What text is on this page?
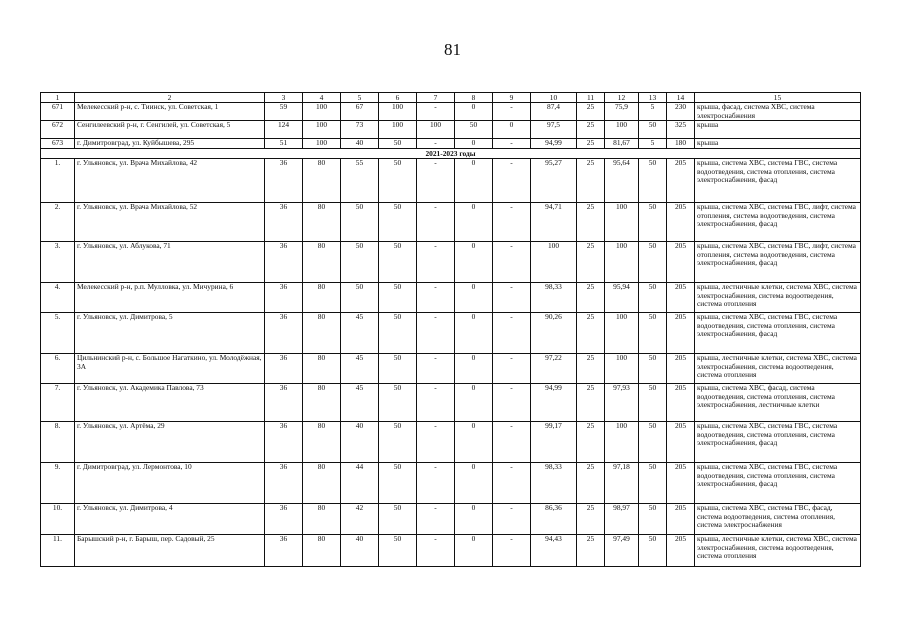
81
1	2	3	4	5	6	7	8	9	10	11	12	13	14	15
671	Мелекесский р-н, с. Тиинск, ул. Советская, 1	59	100	67	100	-	0	-	87,4	25	75,9	5	230	крыша, фасад, система ХВС, система электроснабжения
672	Сенгилеевский р-н, г. Сенгилей, ул. Советская, 5	124	100	73	100	100	50	0	97,5	25	100	50	325	крыша
673	г. Димитровград, ул. Куйбышева, 295	51	100	40	50	-	0	-	94,99	25	81,67	5	180	крыша
2021-2023 годы														
1.	г. Ульяновск, ул. Врача Михайлова, 42	36	80	55	50	-	0	-	95,27	25	95,64	50	205	крыша, система ХВС, система ГВС, система водоотведения, система отопления, система электроснабжения, фасад
2.	г. Ульяновск, ул. Врача Михайлова, 52	36	80	50	50	-	0	-	94,71	25	100	50	205	крыша, система ХВС, система ГВС, лифт, система отопления, система водоотведения, система электроснабжения, фасад
3.	г. Ульяновск, ул. Аблукова, 71	36	80	50	50	-	0	-	100	25	100	50	205	крыша, система ХВС, система ГВС, лифт, система отопления, система водоотведения, система электроснабжения, фасад
4.	Мелекесский р-н, р.п. Мулловка, ул. Мичурина, 6	36	80	50	50	-	0	-	98,33	25	95,94	50	205	крыша, лестничные клетки, система ХВС, система электроснабжения, система водоотведения, система отопления
5.	г. Ульяновск, ул. Димитрова, 5	36	80	45	50	-	0	-	90,26	25	100	50	205	крыша, система ХВС, система ГВС, система водоотведения, система отопления, система электроснабжения, фасад
6.	Цильнинский р-н, с. Большое Нагаткино, ул. Молодёжная, 3А	36	80	45	50	-	0	-	97,22	25	100	50	205	крыша, лестничные клетки, система ХВС, система электроснабжения, система водоотведения, система отопления
7.	г. Ульяновск, ул. Академика Павлова, 73	36	80	45	50	-	0	-	94,99	25	97,93	50	205	крыша, система ХВС, фасад, система водоотведения, система отопления, система электроснабжения, лестничные клетки
8.	г. Ульяновск, ул. Артёма, 29	36	80	40	50	-	0	-	99,17	25	100	50	205	крыша, система ХВС, система ГВС, система водоотведения, система отопления, система электроснабжения, фасад
9.	г. Димитровград, ул. Лермонтова, 10	36	80	44	50	-	0	-	98,33	25	97,18	50	205	крыша, система ХВС, система ГВС, система водоотведения, система отопления, система электроснабжения, фасад
10.	г. Ульяновск, ул. Димитрова, 4	36	80	42	50	-	0	-	86,36	25	98,97	50	205	крыша, система ХВС, система ГВС, фасад, система водоотведения, система отопления, система электроснабжения
11.	Барышский р-н, г. Барыш, пер. Садовый, 25	36	80	40	50	-	0	-	94,43	25	97,49	50	205	крыша, лестничные клетки, система ХВС, система электроснабжения, система водоотведения, система отопления
